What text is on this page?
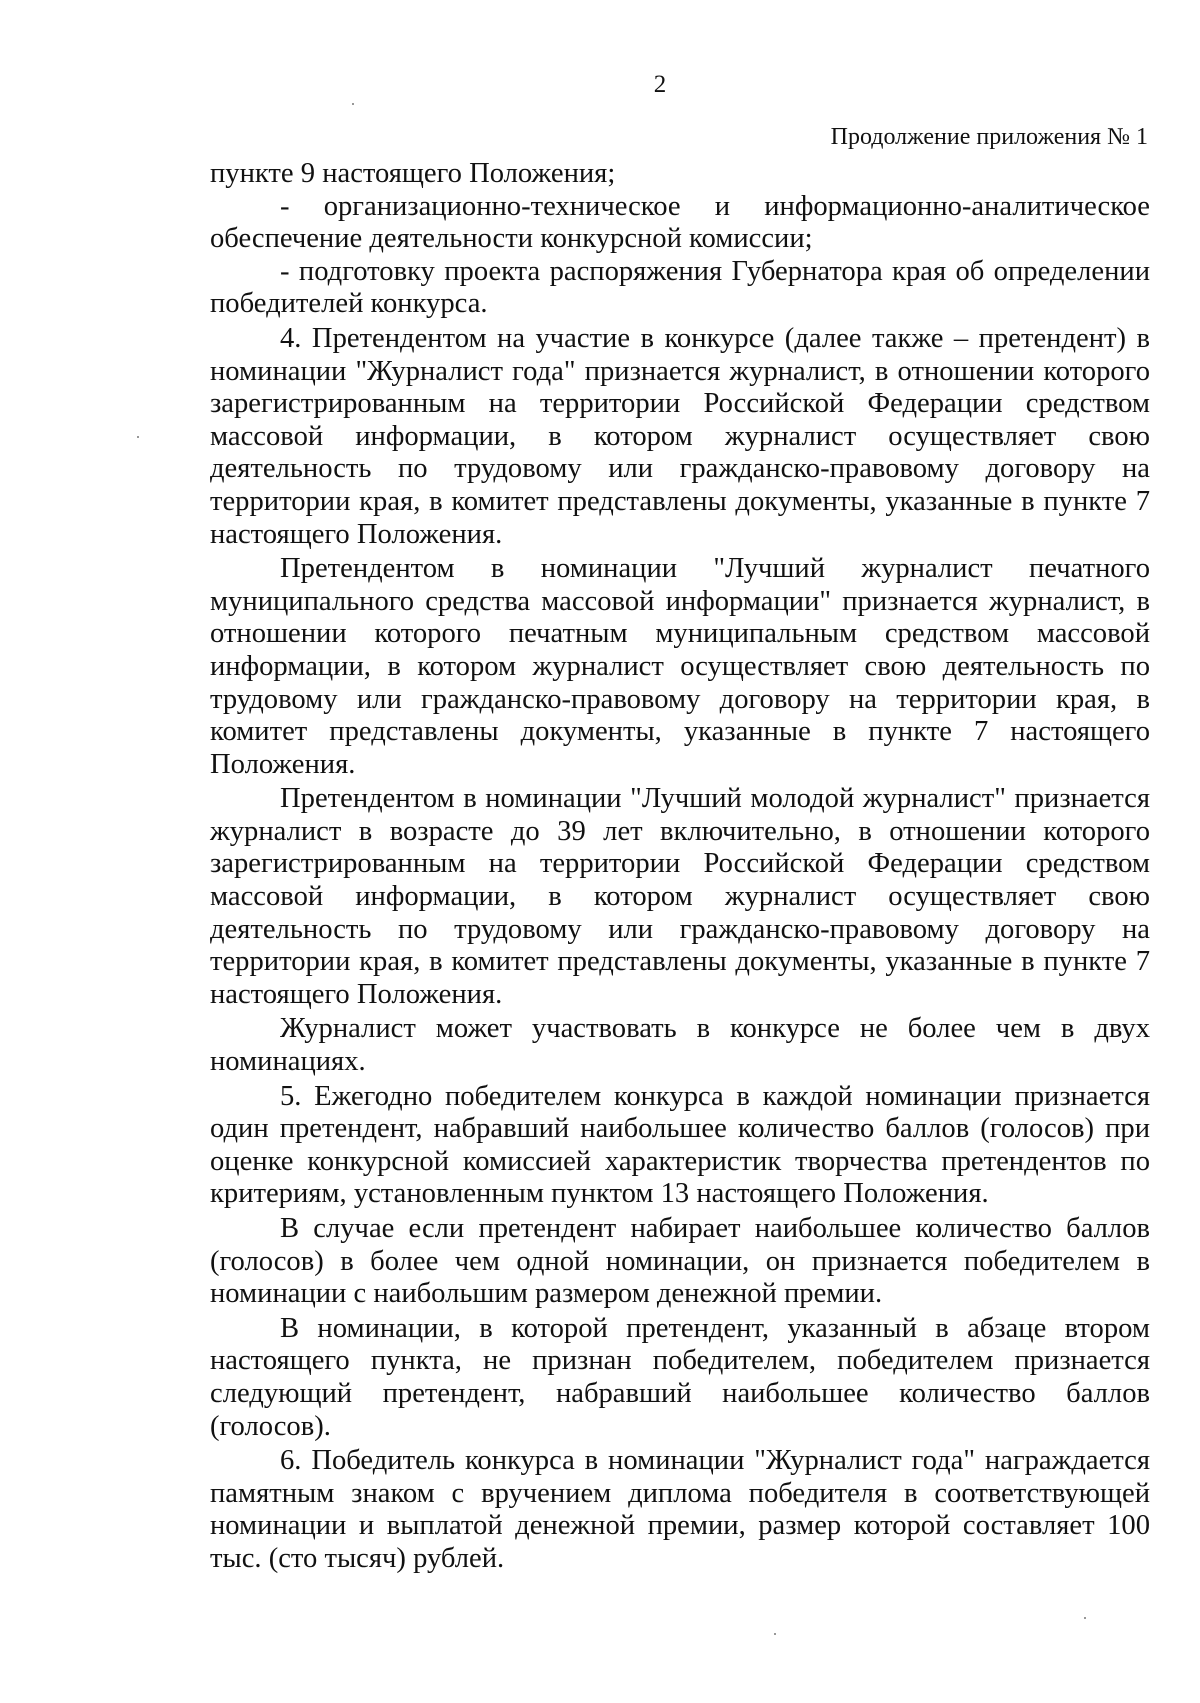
2
Продолжение приложения № 1

пункте 9 настоящего Положения;

- организационно-техническое и информационно-аналитическое обеспечение деятельности конкурсной комиссии;

- подготовку проекта распоряжения Губернатора края об определении победителей конкурса.

4. Претендентом на участие в конкурсе (далее также – претендент) в номинации "Журналист года" признается журналист, в отношении которого зарегистрированным на территории Российской Федерации средством массовой информации, в котором журналист осуществляет свою деятельность по трудовому или гражданско-правовому договору на территории края, в комитет представлены документы, указанные в пункте 7 настоящего Положения.

Претендентом в номинации "Лучший журналист печатного муниципального средства массовой информации" признается журналист, в отношении которого печатным муниципальным средством массовой информации, в котором журналист осуществляет свою деятельность по трудовому или гражданско-правовому договору на территории края, в комитет представлены документы, указанные в пункте 7 настоящего Положения.

Претендентом в номинации "Лучший молодой журналист" признается журналист в возрасте до 39 лет включительно, в отношении которого зарегистрированным на территории Российской Федерации средством массовой информации, в котором журналист осуществляет свою деятельность по трудовому или гражданско-правовому договору на территории края, в комитет представлены документы, указанные в пункте 7 настоящего Положения.

Журналист может участвовать в конкурсе не более чем в двух номинациях.

5. Ежегодно победителем конкурса в каждой номинации признается один претендент, набравший наибольшее количество баллов (голосов) при оценке конкурсной комиссией характеристик творчества претендентов по критериям, установленным пунктом 13 настоящего Положения.

В случае если претендент набирает наибольшее количество баллов (голосов) в более чем одной номинации, он признается победителем в номинации с наибольшим размером денежной премии.

В номинации, в которой претендент, указанный в абзаце втором настоящего пункта, не признан победителем, победителем признается следующий претендент, набравший наибольшее количество баллов (голосов).

6. Победитель конкурса в номинации "Журналист года" награждается памятным знаком с вручением диплома победителя в соответствующей номинации и выплатой денежной премии, размер которой составляет 100 тыс. (сто тысяч) рублей.
